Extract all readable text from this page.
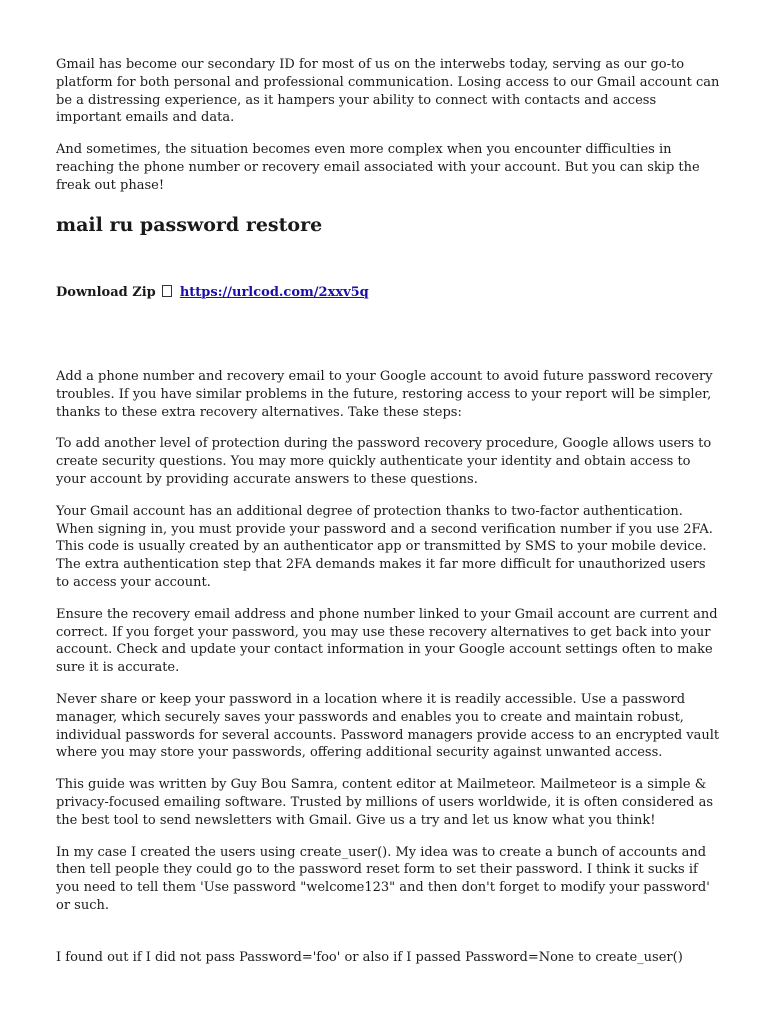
Gmail has become our secondary ID for most of us on the interwebs today, serving as our go-to platform for both personal and professional communication. Losing access to our Gmail account can be a distressing experience, as it hampers your ability to connect with contacts and access important emails and data.

And sometimes, the situation becomes even more complex when you encounter difficulties in reaching the phone number or recovery email associated with your account. But you can skip the freak out phase!

mail ru password restore
Download Zip https://urlcod.com/2xxv5q

Add a phone number and recovery email to your Google account to avoid future password recovery troubles. If you have similar problems in the future, restoring access to your report will be simpler, thanks to these extra recovery alternatives. Take these steps:

To add another level of protection during the password recovery procedure, Google allows users to create security questions. You may more quickly authenticate your identity and obtain access to your account by providing accurate answers to these questions.

Your Gmail account has an additional degree of protection thanks to two-factor authentication. When signing in, you must provide your password and a second verification number if you use 2FA. This code is usually created by an authenticator app or transmitted by SMS to your mobile device. The extra authentication step that 2FA demands makes it far more difficult for unauthorized users to access your account.

Ensure the recovery email address and phone number linked to your Gmail account are current and correct. If you forget your password, you may use these recovery alternatives to get back into your account. Check and update your contact information in your Google account settings often to make sure it is accurate.

Never share or keep your password in a location where it is readily accessible. Use a password manager, which securely saves your passwords and enables you to create and maintain robust, individual passwords for several accounts. Password managers provide access to an encrypted vault where you may store your passwords, offering additional security against unwanted access.

This guide was written by Guy Bou Samra, content editor at Mailmeteor. Mailmeteor is a simple & privacy-focused emailing software. Trusted by millions of users worldwide, it is often considered as the best tool to send newsletters with Gmail. Give us a try and let us know what you think!

In my case I created the users using create_user(). My idea was to create a bunch of accounts and then tell people they could go to the password reset form to set their password. I think it sucks if you need to tell them 'Use password "welcome123" and then don't forget to modify your password' or such.

I found out if I did not pass Password='foo' or also if I passed Password=None to create_user()
